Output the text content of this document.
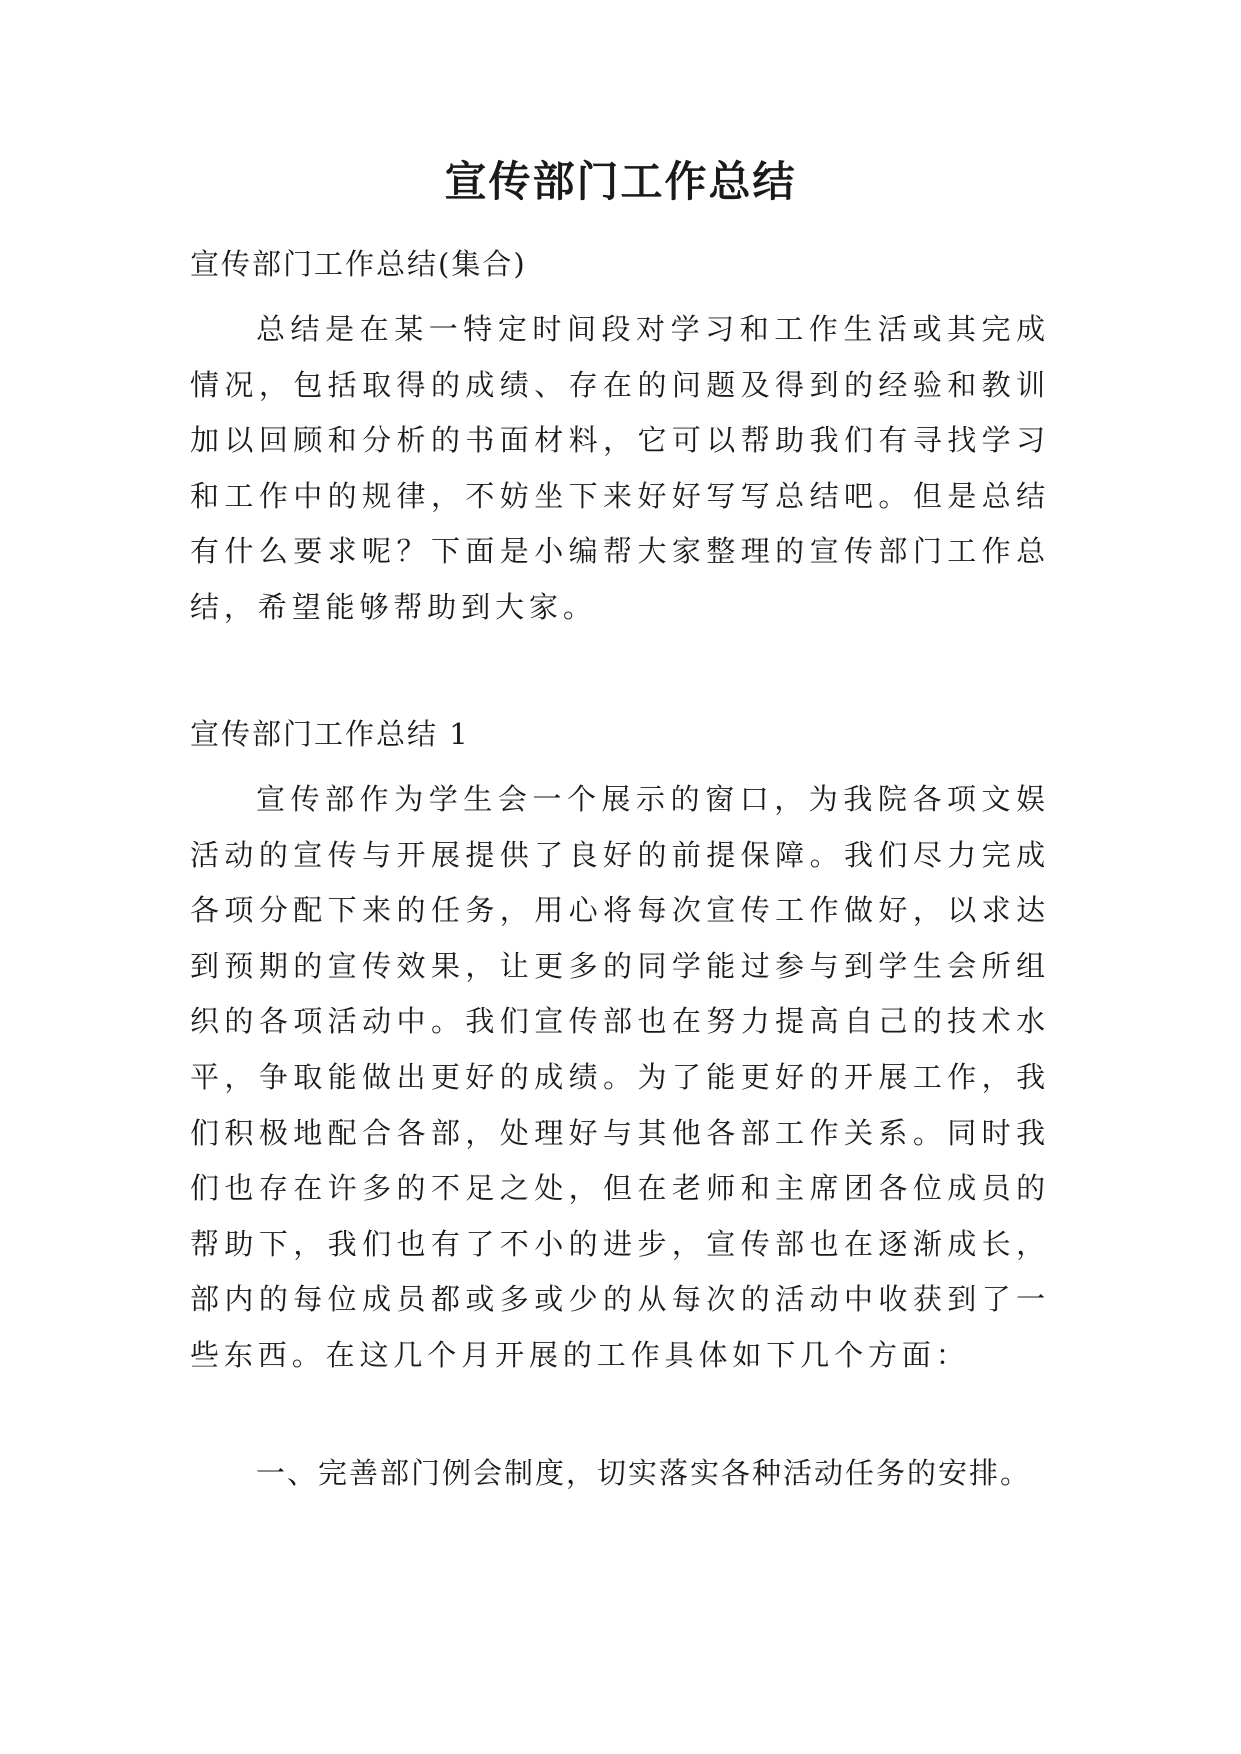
宣传部门工作总结
宣传部门工作总结(集合)
总结是在某一特定时间段对学习和工作生活或其完成情况，包括取得的成绩、存在的问题及得到的经验和教训加以回顾和分析的书面材料，它可以帮助我们有寻找学习和工作中的规律，不妨坐下来好好写写总结吧。但是总结有什么要求呢？下面是小编帮大家整理的宣传部门工作总结，希望能够帮助到大家。
宣传部门工作总结 1
宣传部作为学生会一个展示的窗口，为我院各项文娱活动的宣传与开展提供了良好的前提保障。我们尽力完成各项分配下来的任务，用心将每次宣传工作做好，以求达到预期的宣传效果，让更多的同学能过参与到学生会所组织的各项活动中。我们宣传部也在努力提高自己的技术水平，争取能做出更好的成绩。为了能更好的开展工作，我们积极地配合各部，处理好与其他各部工作关系。同时我们也存在许多的不足之处，但在老师和主席团各位成员的帮助下，我们也有了不小的进步，宣传部也在逐渐成长，部内的每位成员都或多或少的从每次的活动中收获到了一些东西。在这几个月开展的工作具体如下几个方面：
一、完善部门例会制度，切实落实各种活动任务的安排。
